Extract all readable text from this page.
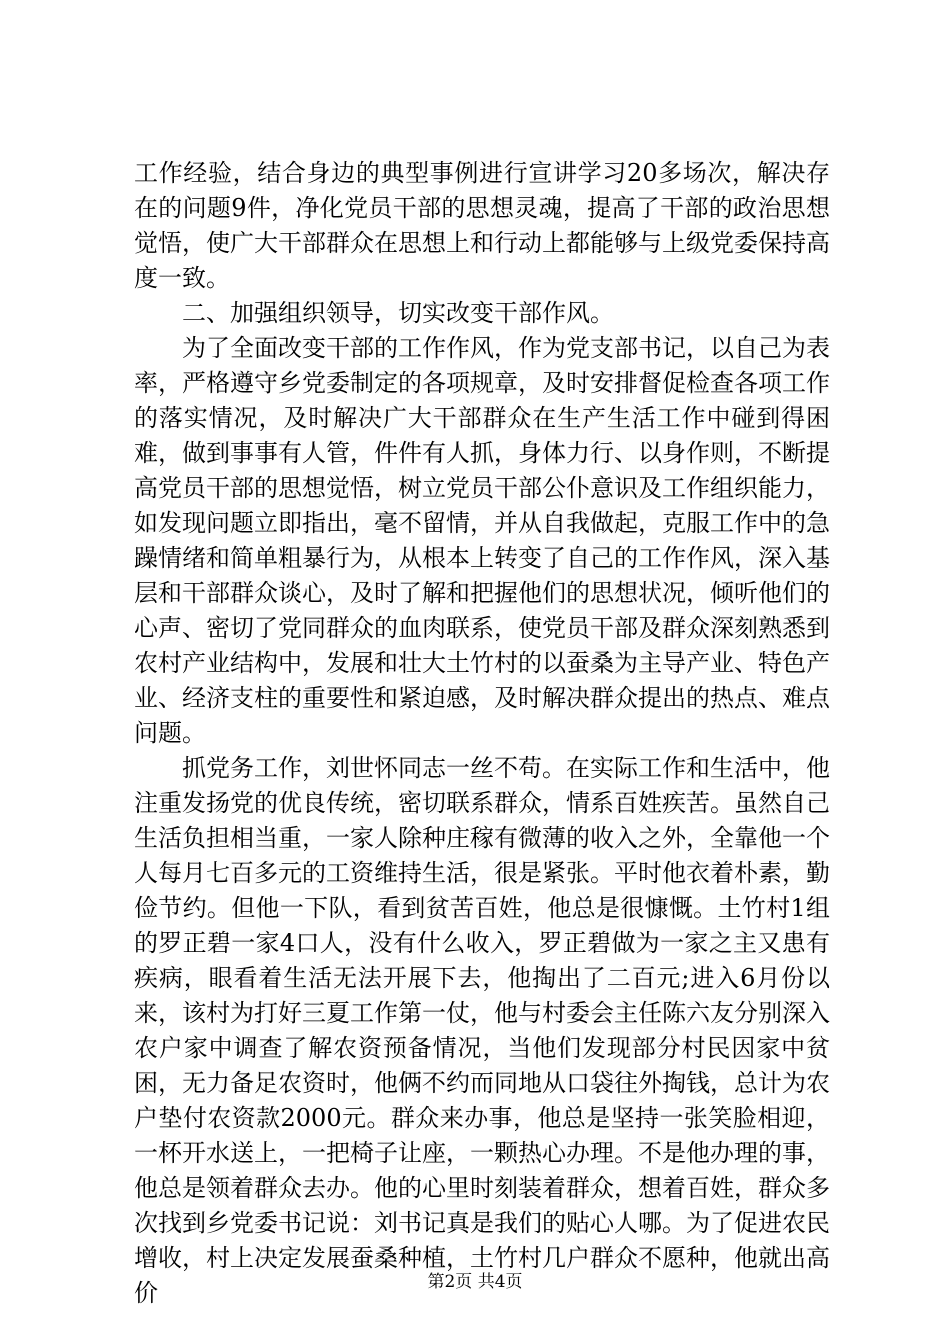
工作经验，结合身边的典型事例进行宣讲学习20多场次，解决存在的问题9件，净化党员干部的思想灵魂，提高了干部的政治思想觉悟，使广大干部群众在思想上和行动上都能够与上级党委保持高度一致。

二、加强组织领导，切实改变干部作风。

为了全面改变干部的工作作风，作为党支部书记，以自己为表率，严格遵守乡党委制定的各项规章，及时安排督促检查各项工作的落实情况，及时解决广大干部群众在生产生活工作中碰到得困难，做到事事有人管，件件有人抓，身体力行、以身作则，不断提高党员干部的思想觉悟，树立党员干部公仆意识及工作组织能力，如发现问题立即指出，毫不留情，并从自我做起，克服工作中的急躁情绪和简单粗暴行为，从根本上转变了自己的工作作风，深入基层和干部群众谈心，及时了解和把握他们的思想状况，倾听他们的心声、密切了党同群众的血肉联系，使党员干部及群众深刻熟悉到农村产业结构中，发展和壮大土竹村的以蚕桑为主导产业、特色产业、经济支柱的重要性和紧迫感，及时解决群众提出的热点、难点问题。

抓党务工作，刘世怀同志一丝不苟。在实际工作和生活中，他注重发扬党的优良传统，密切联系群众，情系百姓疾苦。虽然自己生活负担相当重，一家人除种庄稼有微薄的收入之外，全靠他一个人每月七百多元的工资维持生活，很是紧张。平时他衣着朴素，勤俭节约。但他一下队，看到贫苦百姓，他总是很慷慨。土竹村1组的罗正碧一家4口人，没有什么收入，罗正碧做为一家之主又患有疾病，眼看着生活无法开展下去，他掏出了二百元;进入6月份以来，该村为打好三夏工作第一仗，他与村委会主任陈六友分别深入农户家中调查了解农资预备情况，当他们发现部分村民因家中贫困，无力备足农资时，他俩不约而同地从口袋往外掏钱，总计为农户垫付农资款2000元。群众来办事，他总是坚持一张笑脸相迎，一杯开水送上，一把椅子让座，一颗热心办理。不是他办理的事，他总是领着群众去办。他的心里时刻装着群众，想着百姓，群众多次找到乡党委书记说：刘书记真是我们的贴心人哪。为了促进农民增收，村上决定发展蚕桑种植，土竹村几户群众不愿种，他就出高价	第2页 共4页
